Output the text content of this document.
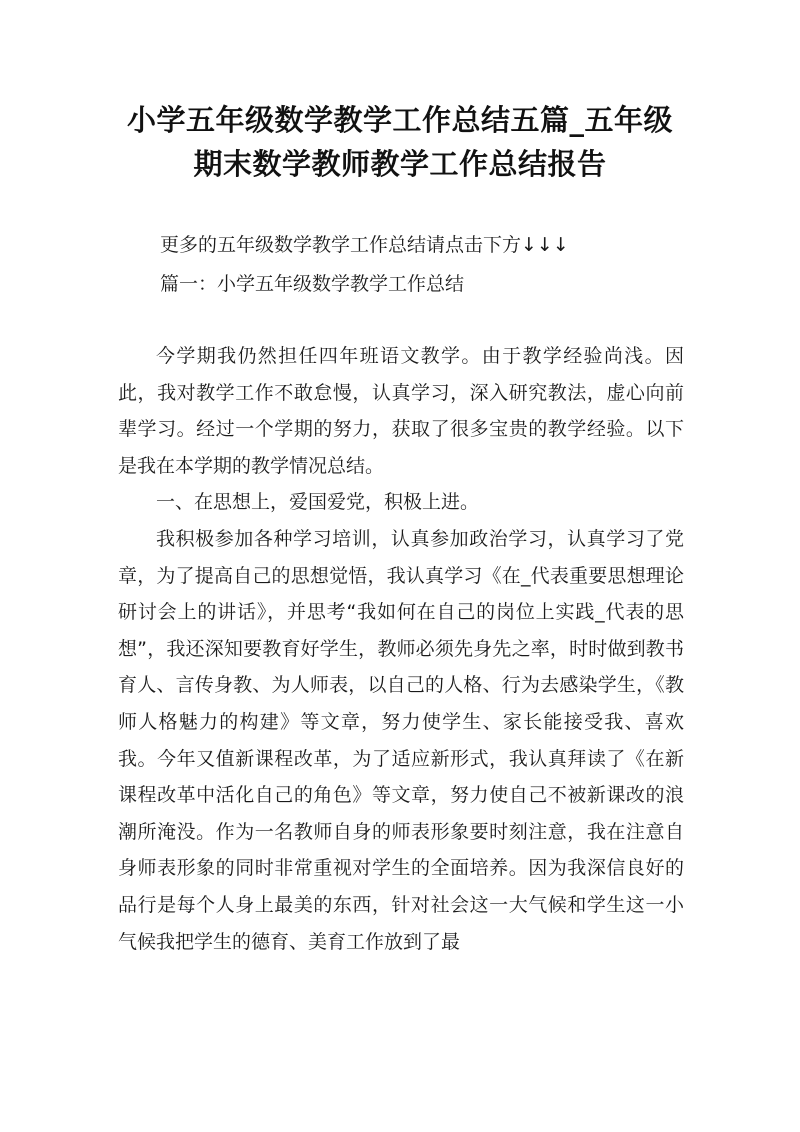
小学五年级数学教学工作总结五篇_五年级
期末数学教师教学工作总结报告
更多的五年级数学教学工作总结请点击下方↓↓↓
篇一：小学五年级数学教学工作总结

今学期我仍然担任四年班语文教学。由于教学经验尚浅。因此，我对教学工作不敢怠慢，认真学习，深入研究教法，虚心向前辈学习。经过一个学期的努力，获取了很多宝贵的教学经验。以下是我在本学期的教学情况总结。

一、在思想上，爱国爱党，积极上进。

我积极参加各种学习培训，认真参加政治学习，认真学习了党章，为了提高自己的思想觉悟，我认真学习《在_代表重要思想理论研讨会上的讲话》，并思考“我如何在自己的岗位上实践_代表的思想”，我还深知要教育好学生，教师必须先身先之率，时时做到教书育人、言传身教、为人师表，以自己的人格、行为去感染学生，《教师人格魅力的构建》等文章，努力使学生、家长能接受我、喜欢我。今年又值新课程改革，为了适应新形式，我认真拜读了《在新课程改革中活化自己的角色》等文章，努力使自己不被新课改的浪潮所淹没。作为一名教师自身的师表形象要时刻注意，我在注意自身师表形象的同时非常重视对学生的全面培养。因为我深信良好的品行是每个人身上最美的东西，针对社会这一大气候和学生这一小气候我把学生的德育、美育工作放到了最
